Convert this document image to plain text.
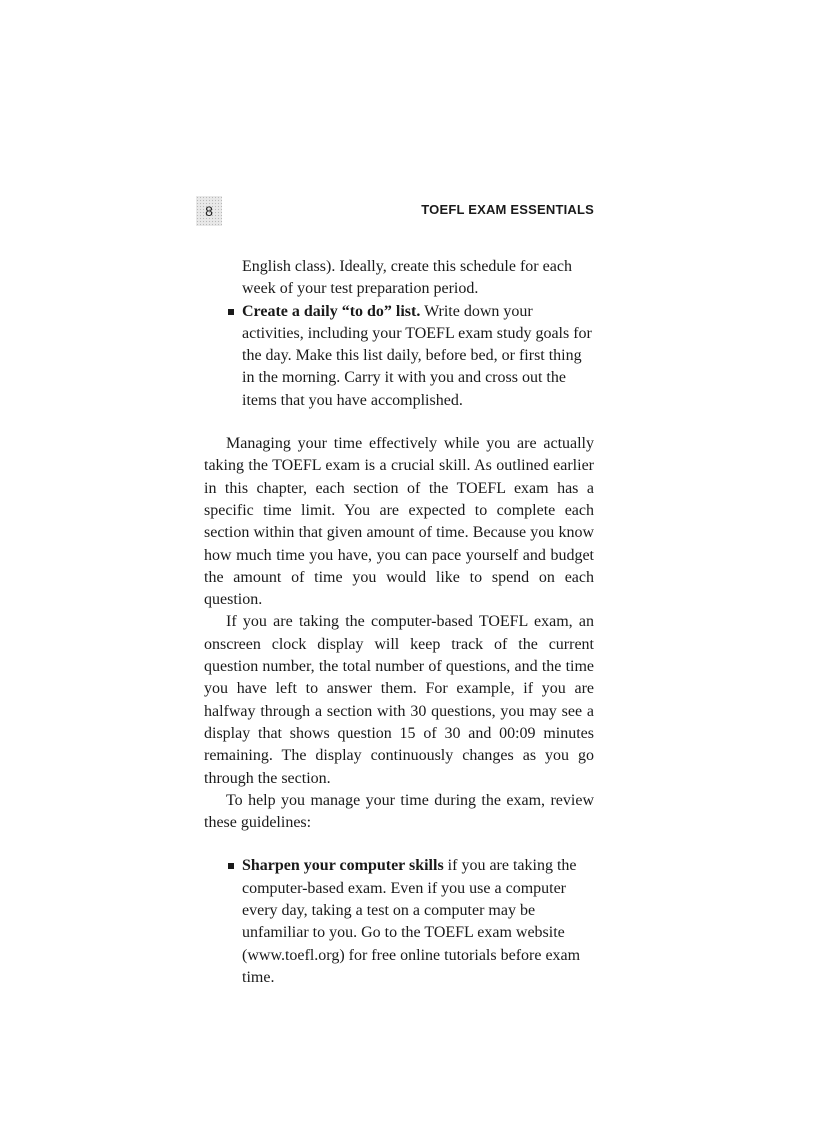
8	TOEFL EXAM ESSENTIALS

English class). Ideally, create this schedule for each week of your test preparation period.

Create a daily “to do” list. Write down your activities, including your TOEFL exam study goals for the day. Make this list daily, before bed, or first thing in the morning. Carry it with you and cross out the items that you have accomplished.

Managing your time effectively while you are actually taking the TOEFL exam is a crucial skill. As outlined earlier in this chapter, each section of the TOEFL exam has a specific time limit. You are expected to complete each section within that given amount of time. Because you know how much time you have, you can pace yourself and budget the amount of time you would like to spend on each question.

If you are taking the computer-based TOEFL exam, an onscreen clock display will keep track of the current question number, the total number of questions, and the time you have left to answer them. For example, if you are halfway through a section with 30 questions, you may see a display that shows question 15 of 30 and 00:09 minutes remaining. The display continuously changes as you go through the section.

To help you manage your time during the exam, review these guidelines:

Sharpen your computer skills if you are taking the computer-based exam. Even if you use a computer every day, taking a test on a computer may be unfamiliar to you. Go to the TOEFL exam website (www.toefl.org) for free online tutorials before exam time.
